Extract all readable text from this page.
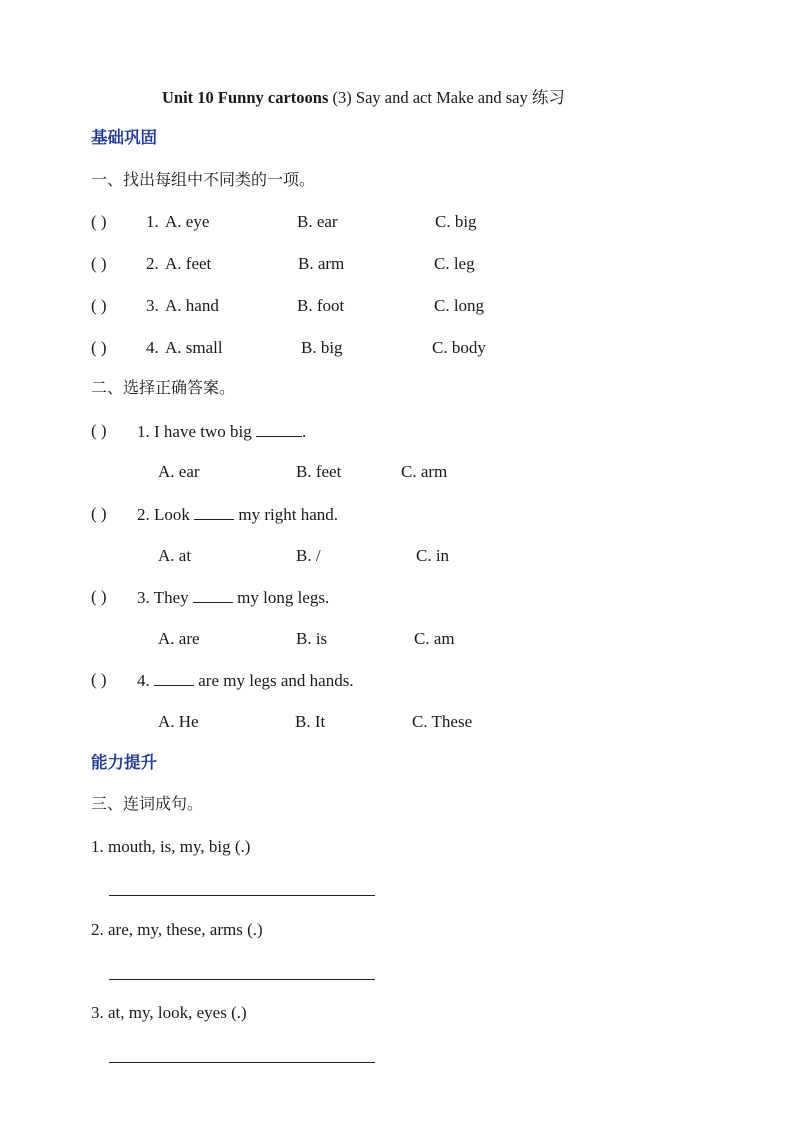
Unit 10 Funny cartoons (3) Say and act Make and say 练习
基础巩固
一、找出每组中不同类的一项。
( ) 1. A. eye	B. ear	C. big
( ) 2. A. feet	B. arm	C. leg
( ) 3. A. hand	B. foot	C. long
( ) 4. A. small	B. big	C. body
二、选择正确答案。
( ) 1. I have two big	.
A. ear	B. feet	C. arm
( ) 2. Look  my right hand.
A. at	B. /	C. in
( ) 3. They  my long legs.
A. are	B. is	C. am
( ) 4.  are my legs and hands.
A. He	B. It	C. These
能力提升
三、连词成句。
1. mouth, is, my, big (.)
2. are, my, these, arms (.)
3. at, my, look, eyes (.)
